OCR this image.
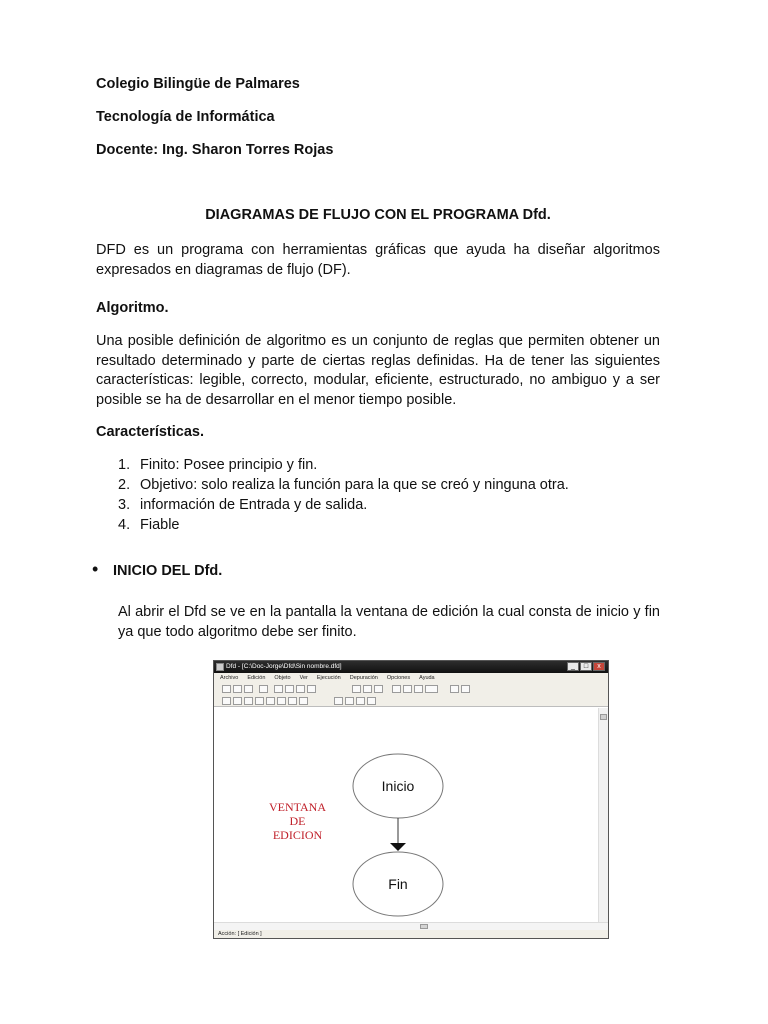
Colegio Bilingüe de Palmares
Tecnología de Informática
Docente: Ing. Sharon Torres Rojas
DIAGRAMAS DE FLUJO CON EL PROGRAMA Dfd.
DFD es un programa con herramientas gráficas que ayuda ha diseñar algoritmos expresados en diagramas de flujo (DF).
Algoritmo.
Una posible definición de algoritmo es un conjunto de reglas que permiten obtener un resultado determinado y parte de ciertas reglas definidas. Ha de tener las siguientes características: legible, correcto, modular, eficiente, estructurado, no ambiguo y a ser posible se ha de desarrollar en el menor tiempo posible.
Características.
1. Finito: Posee principio y fin.
2. Objetivo: solo realiza la función para la que se creó y ninguna otra.
3. información de Entrada y de salida.
4. Fiable
• INICIO DEL Dfd.
Al abrir el Dfd se ve en la pantalla la ventana de edición la cual consta de inicio y fin ya que todo algoritmo debe ser finito.
Dfd - [C:\Doc-Jorge\Dfd\Sin nombre.dfd]	_	□	x
Archivo Edición Objeto Ver Ejecución Depuración Opciones Ayuda
Inicio
Fin
VENTANA
DE
EDICION
Acción: [ Edición ]
